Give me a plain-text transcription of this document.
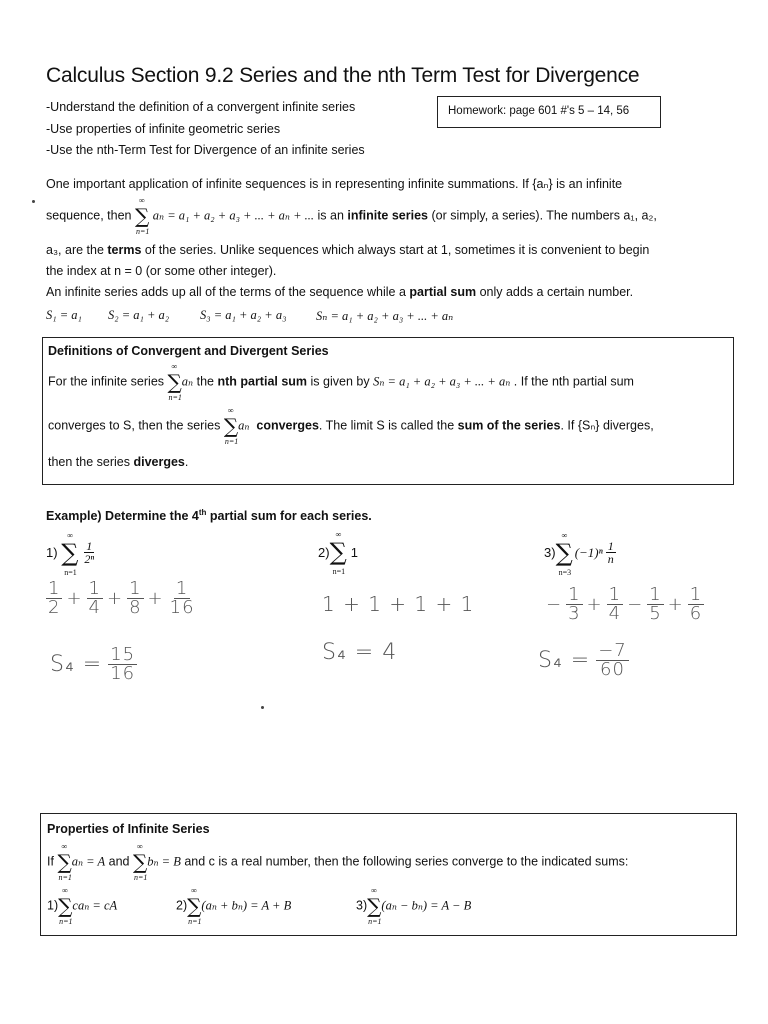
Calculus Section 9.2 Series and the nth Term Test for Divergence
-Understand the definition of a convergent infinite series
-Use properties of infinite geometric series
-Use the nth-Term Test for Divergence of an infinite series
Homework: page 601 #'s 5 – 14, 56
One important application of infinite sequences is in representing infinite summations. If {aₙ} is an infinite
sequence, then
∞
∑
n=1
aₙ = a₁ + a₂ + a₃ + ... + aₙ + ... is an infinite series (or simply, a series). The numbers a₁, a₂,
a₃, are the terms of the series. Unlike sequences which always start at 1, sometimes it is convenient to begin
the index at n = 0 (or some other integer).
An infinite series adds up all of the terms of the sequence while a partial sum only adds a certain number.
S₁ = a₁ S₂ = a₁ + a₂ S₃ = a₁ + a₂ + a₃ Sₙ = a₁ + a₂ + a₃ + ... + aₙ
Definitions of Convergent and Divergent Series
For the infinite series
∞
∑
n=1
aₙ the nth partial sum is given by Sₙ = a₁ + a₂ + a₃ + ... + aₙ . If the nth partial sum
converges to S, then the series
∞
∑
n=1
aₙ converges. The limit S is called the sum of the series. If {Sₙ} diverges,
then the series diverges.
Example) Determine the 4th partial sum for each series.
1)

∞
∑
n=1
$\frac{1}{\text{2ⁿ}}$
$\frac{1}{2} + \frac{1}{4} + \frac{1}{8} + \frac{1}{16}$
$S_4 = \frac{15}{16}$
2)
∞
∑
n=1
1
1 + 1 + 1 + 1
S₄ = 4
3)
∞
∑
n=3
$(-1)^n \frac{1}{n}$
− $\frac{1}{3} + \frac{1}{4} - \frac{1}{5} + \frac{1}{6}$
$S_4 = \frac{-7}{60}$
Properties of Infinite Series
If
∞
∑
n=1
aₙ = A and
∞
∑
n=1
bₙ = B and c is a real number, then the following series converge to the indicated sums:
1)
∞
∑
n=1
caₙ = cA	2)
∞
∑
n=1
(aₙ + bₙ) = A + B	3)
∞
∑
n=1
(aₙ − bₙ) = A − B
